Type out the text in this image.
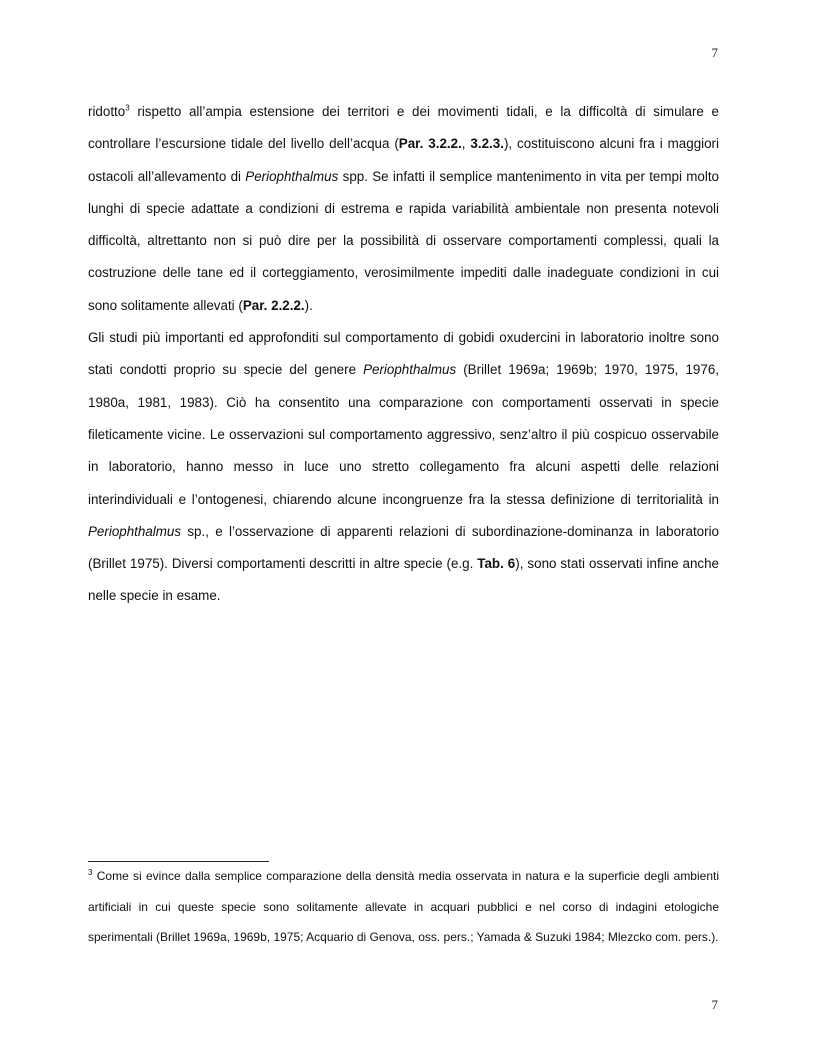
7

ridotto$^3$ rispetto all’ampia estensione dei territori e dei movimenti tidali, e la difficoltà di simulare e controllare l’escursione tidale del livello dell’acqua (Par. 3.2.2., 3.2.3.), costituiscono alcuni fra i maggiori ostacoli all’allevamento di Periophthalmus spp. Se infatti il semplice mantenimento in vita per tempi molto lunghi di specie adattate a condizioni di estrema e rapida variabilità ambientale non presenta notevoli difficoltà, altrettanto non si può dire per la possibilità di osservare comportamenti complessi, quali la costruzione delle tane ed il corteggiamento, verosimilmente impediti dalle inadeguate condizioni in cui sono solitamente allevati (Par. 2.2.2.).

Gli studi più importanti ed approfonditi sul comportamento di gobidi oxudercini in laboratorio inoltre sono stati condotti proprio su specie del genere Periophthalmus (Brillet 1969a; 1969b; 1970, 1975, 1976, 1980a, 1981, 1983). Ciò ha consentito una comparazione con comportamenti osservati in specie fileticamente vicine. Le osservazioni sul comportamento aggressivo, senz’altro il più cospicuo osservabile in laboratorio, hanno messo in luce uno stretto collegamento fra alcuni aspetti delle relazioni interindividuali e l’ontogenesi, chiarendo alcune incongruenze fra la stessa definizione di territorialità in Periophthalmus sp., e l’osservazione di apparenti relazioni di subordinazione-dominanza in laboratorio (Brillet 1975). Diversi comportamenti descritti in altre specie (e.g. Tab. 6), sono stati osservati infine anche nelle specie in esame.

$^3$ Come si evince dalla semplice comparazione della densità media osservata in natura e la superficie degli ambienti artificiali in cui queste specie sono solitamente allevate in acquari pubblici e nel corso di indagini etologiche sperimentali (Brillet 1969a, 1969b, 1975; Acquario di Genova, oss. pers.; Yamada & Suzuki 1984; Mlezcko com. pers.).

7
